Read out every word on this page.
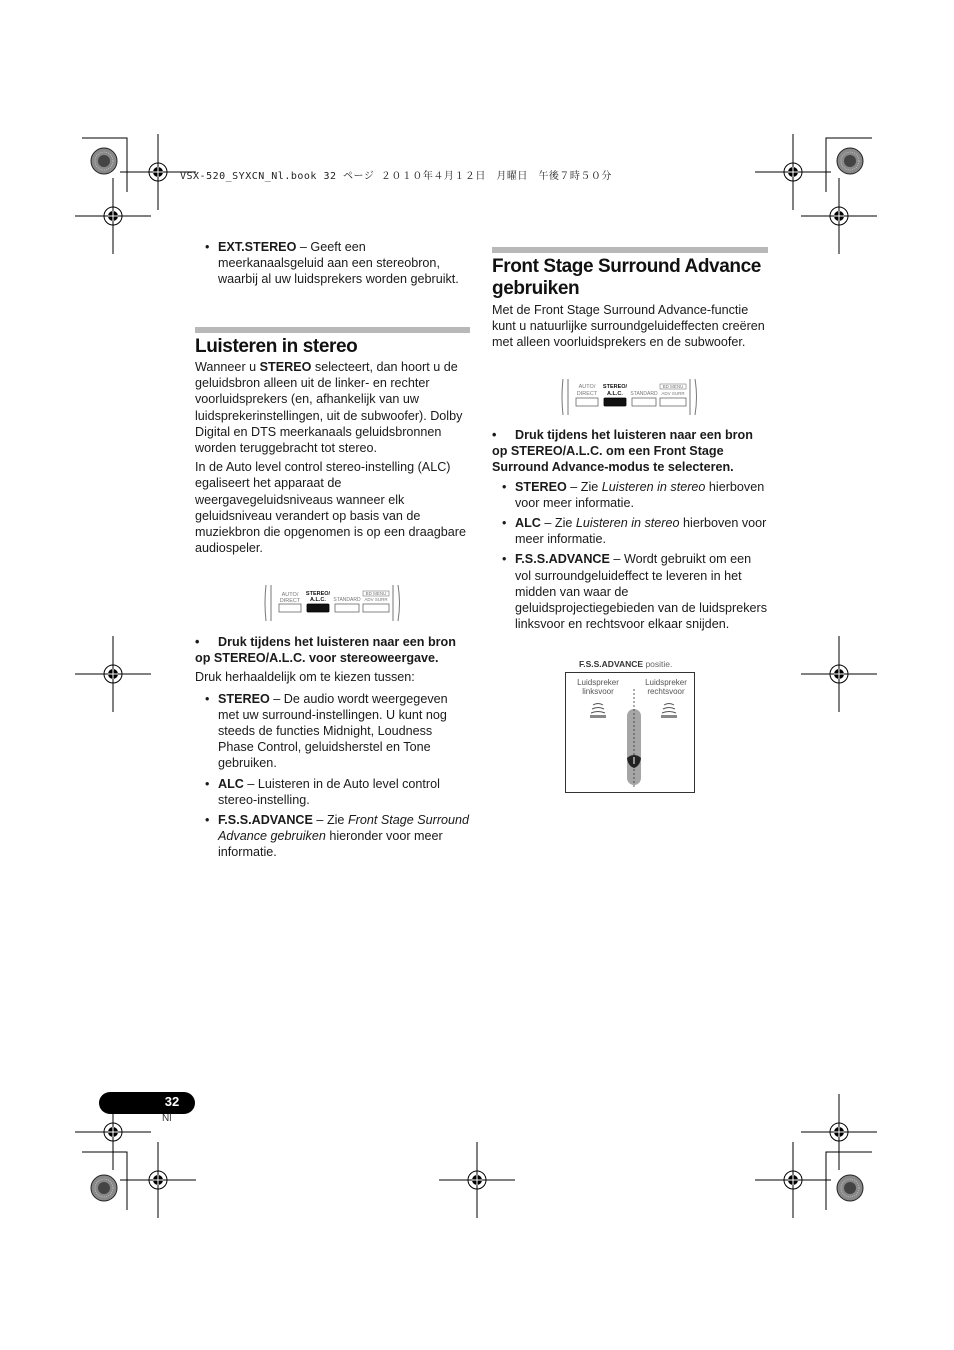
VSX-520_SYXCN_Nl.book 32 ページ ２０１０年４月１２日　月曜日　午後７時５０分
• EXT.STEREO – Geeft een meerkanaalsgeluid aan een stereobron, waarbij al uw luidsprekers worden gebruikt.
Luisteren in stereo

Wanneer u STEREO selecteert, dan hoort u de geluidsbron alleen uit de linker- en rechter voorluidsprekers (en, afhankelijk van uw luidsprekerinstellingen, uit de subwoofer). Dolby Digital en DTS meerkanaals geluidsbronnen worden teruggebracht tot stereo.

In de Auto level control stereo-instelling (ALC) egaliseert het apparaat de weergavegeluidsniveaus wanneer elk geluidsniveau verandert op basis van de muziekbron die opgenomen is op een draagbare audiospeler.

AUTO/
DIRECT
STEREO/
A.L.C. STANDARD
BD MENU
ADV SURR

• Druk tijdens het luisteren naar een bron op STEREO/A.L.C. voor stereoweergave.

Druk herhaaldelijk om te kiezen tussen:

• STEREO – De audio wordt weergegeven met uw surround-instellingen. U kunt nog steeds de functies Midnight, Loudness Phase Control, geluidsherstel en Tone gebruiken.
• ALC – Luisteren in de Auto level control stereo-instelling.
• F.S.S.ADVANCE – Zie Front Stage Surround Advance gebruiken hieronder voor meer informatie.
Front Stage Surround Advance gebruiken

Met de Front Stage Surround Advance-functie kunt u natuurlijke surroundgeluideffecten creëren met alleen voorluidsprekers en de subwoofer.

AUTO/
DIRECT
STEREO/
A.L.C. STANDARD
BD MENU
ADV SURR

• Druk tijdens het luisteren naar een bron op STEREO/A.L.C. om een Front Stage Surround Advance-modus te selecteren.

• STEREO – Zie Luisteren in stereo hierboven voor meer informatie.
• ALC – Zie Luisteren in stereo hierboven voor meer informatie.
• F.S.S.ADVANCE – Wordt gebruikt om een vol surroundgeluideffect te leveren in het midden van waar de geluidsprojectiegebieden van de luidsprekers linksvoor en rechtsvoor elkaar snijden.
F.S.S.ADVANCE positie.
Luidspreker
linksvoor
Luidspreker
rechtsvoor
32
Nl
